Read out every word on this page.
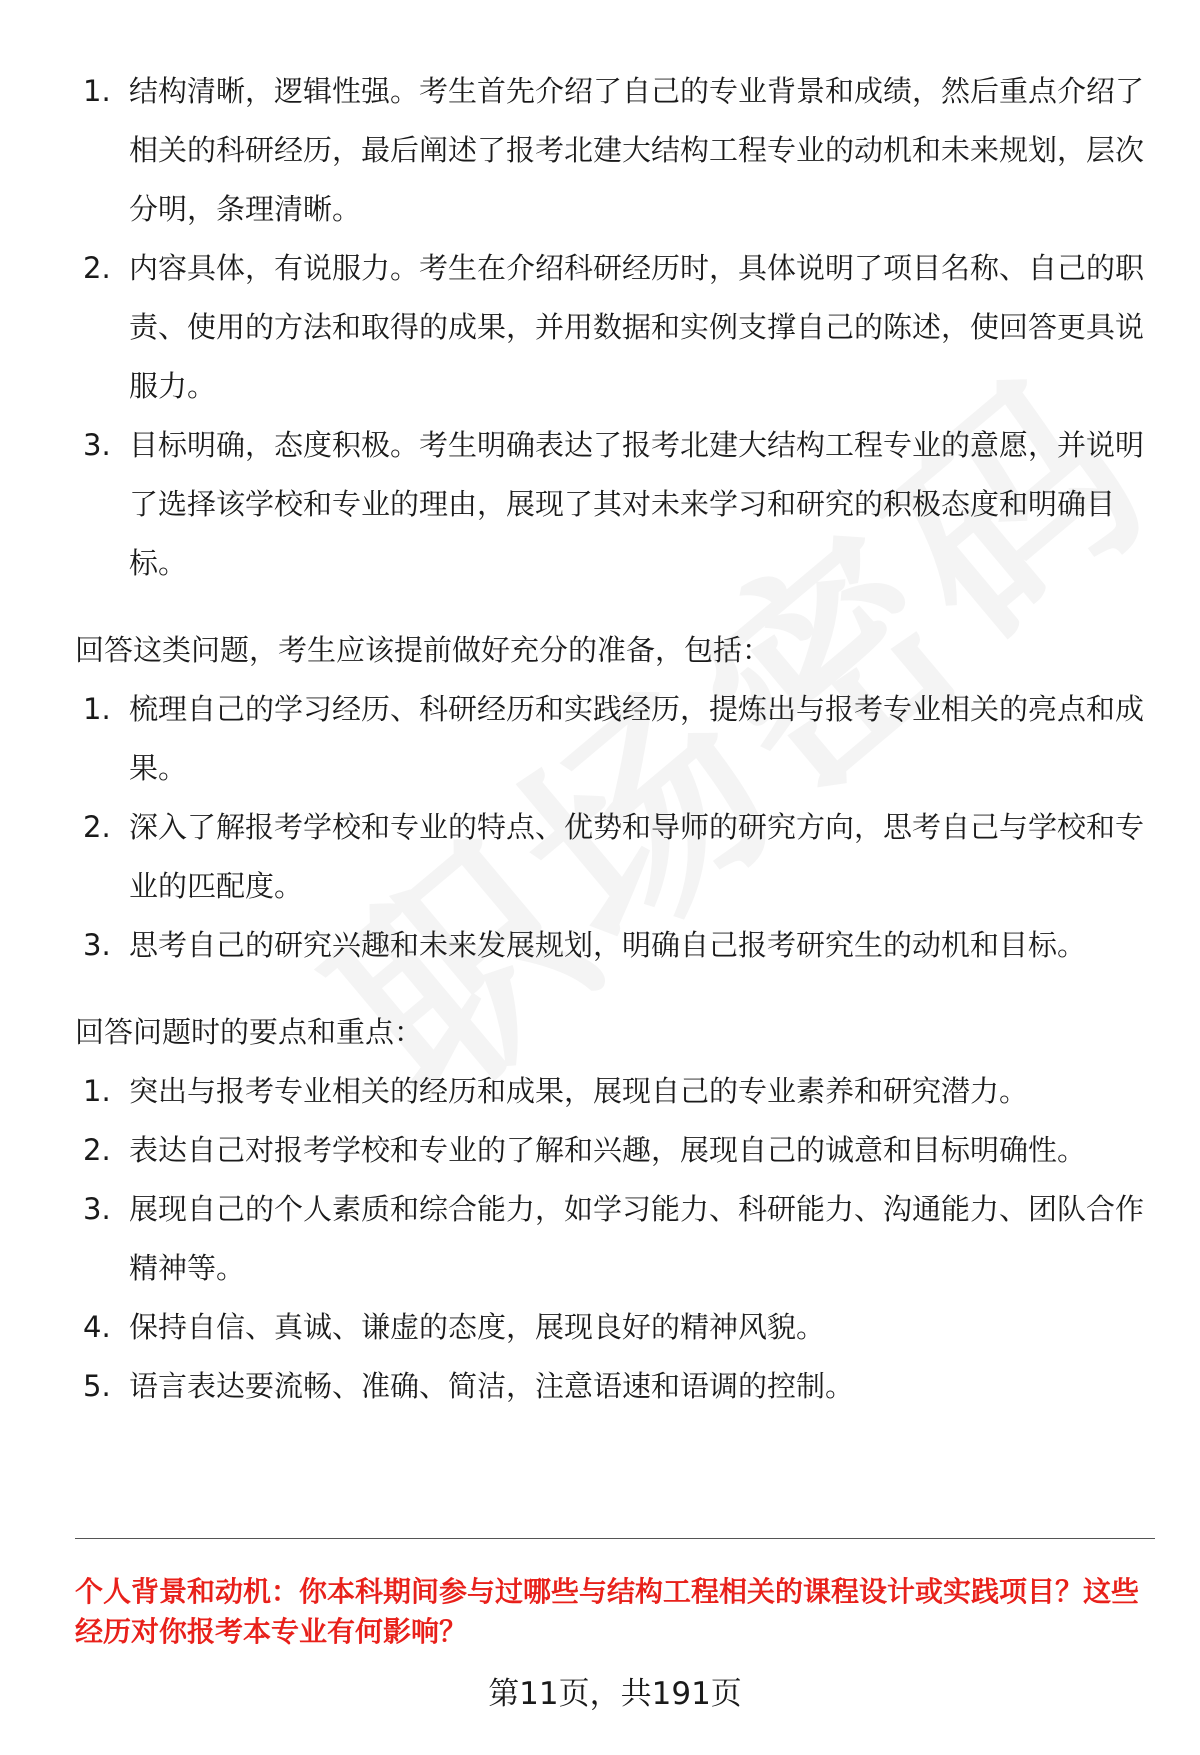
1. 结构清晰，逻辑性强。考生首先介绍了自己的专业背景和成绩，然后重点介绍了相关的科研经历，最后阐述了报考北建大结构工程专业的动机和未来规划，层次分明，条理清晰。
2. 内容具体，有说服力。考生在介绍科研经历时，具体说明了项目名称、自己的职责、使用的方法和取得的成果，并用数据和实例支撑自己的陈述，使回答更具说服力。
3. 目标明确，态度积极。考生明确表达了报考北建大结构工程专业的意愿，并说明了选择该学校和专业的理由，展现了其对未来学习和研究的积极态度和明确目标。

回答这类问题，考生应该提前做好充分的准备，包括：

1. 梳理自己的学习经历、科研经历和实践经历，提炼出与报考专业相关的亮点和成果。
2. 深入了解报考学校和专业的特点、优势和导师的研究方向，思考自己与学校和专业的匹配度。
3. 思考自己的研究兴趣和未来发展规划，明确自己报考研究生的动机和目标。

回答问题时的要点和重点：

1. 突出与报考专业相关的经历和成果，展现自己的专业素养和研究潜力。
2. 表达自己对报考学校和专业的了解和兴趣，展现自己的诚意和目标明确性。
3. 展现自己的个人素质和综合能力，如学习能力、科研能力、沟通能力、团队合作精神等。
4. 保持自信、真诚、谦虚的态度，展现良好的精神风貌。
5. 语言表达要流畅、准确、简洁，注意语速和语调的控制。
个人背景和动机：你本科期间参与过哪些与结构工程相关的课程设计或实践项目？这些经历对你报考本专业有何影响？
第11页，共191页
